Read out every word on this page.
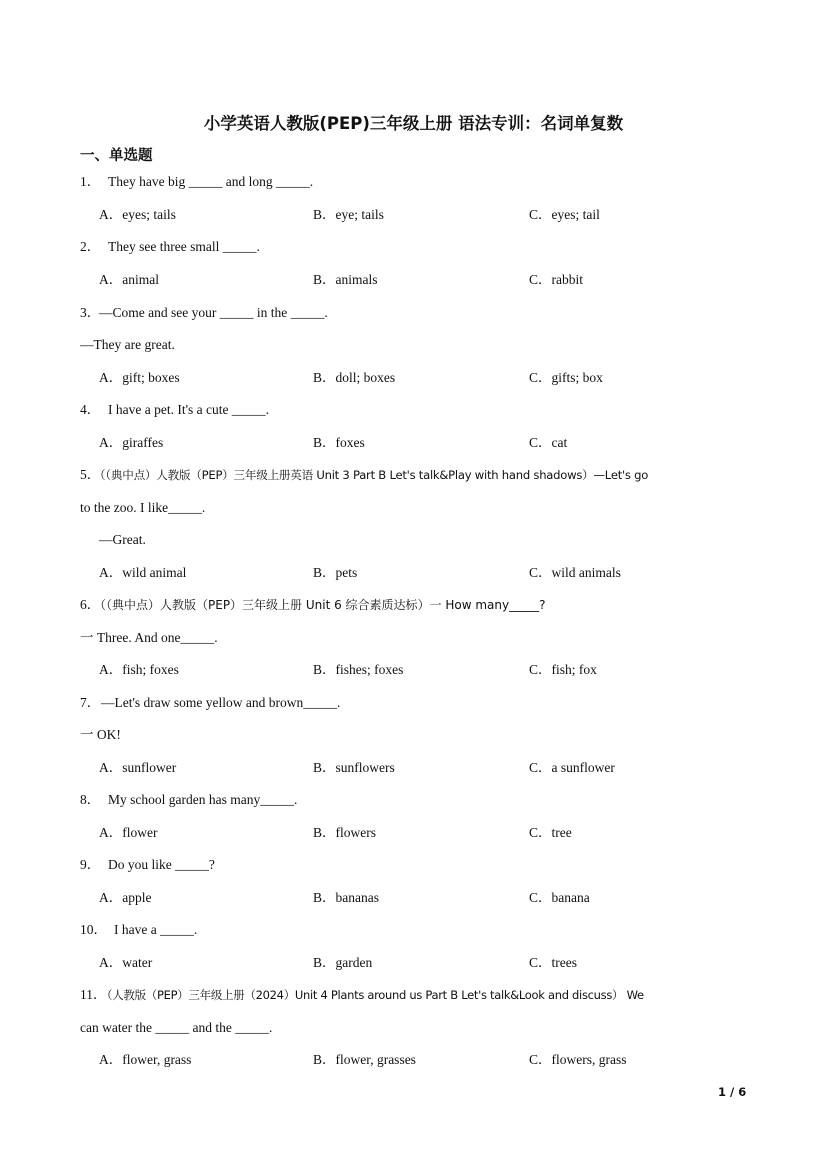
小学英语人教版(PEP)三年级上册 语法专训：名词单复数
一、单选题
1． They have big _____ and long _____.
A．eyes; tails	B．eye; tails	C．eyes; tail
2． They see three small _____.
A．animal	B．animals	C．rabbit
3．
—Come and see your _____ in the _____.
—They are great.
A．gift; boxes	B．doll; boxes	C．gifts; box
4． I have a pet. It's a cute _____.
A．giraffes	B．foxes	C．cat
5．
（（典中点）人教版（PEP）三年级上册英语 Unit 3 Part B Let's talk&Play with hand shadows）—Let's go
to the zoo. I like_____.
—Great.
A．wild animal	B．pets	C．wild animals
6．
（（典中点）人教版（PEP）三年级上册 Unit 6 综合素质达标）一 How many_____?
一 Three. And one_____.
A．fish; foxes	B．fishes; foxes	C．fish; fox
7． —Let's draw some yellow and brown_____.
一 OK!
A．sunflower	B．sunflowers	C．a sunflower
8． My school garden has many_____.
A．flower	B．flowers	C．tree
9． Do you like _____?
A．apple	B．bananas	C．banana
10． I have a _____.
A．water	B．garden	C．trees
11．
（人教版（PEP）三年级上册（2024）Unit 4 Plants around us Part B Let's talk&Look and discuss） We
can water the _____ and the _____.
A．flower, grass	B．flower, grasses	C．flowers, grass
1 / 6
